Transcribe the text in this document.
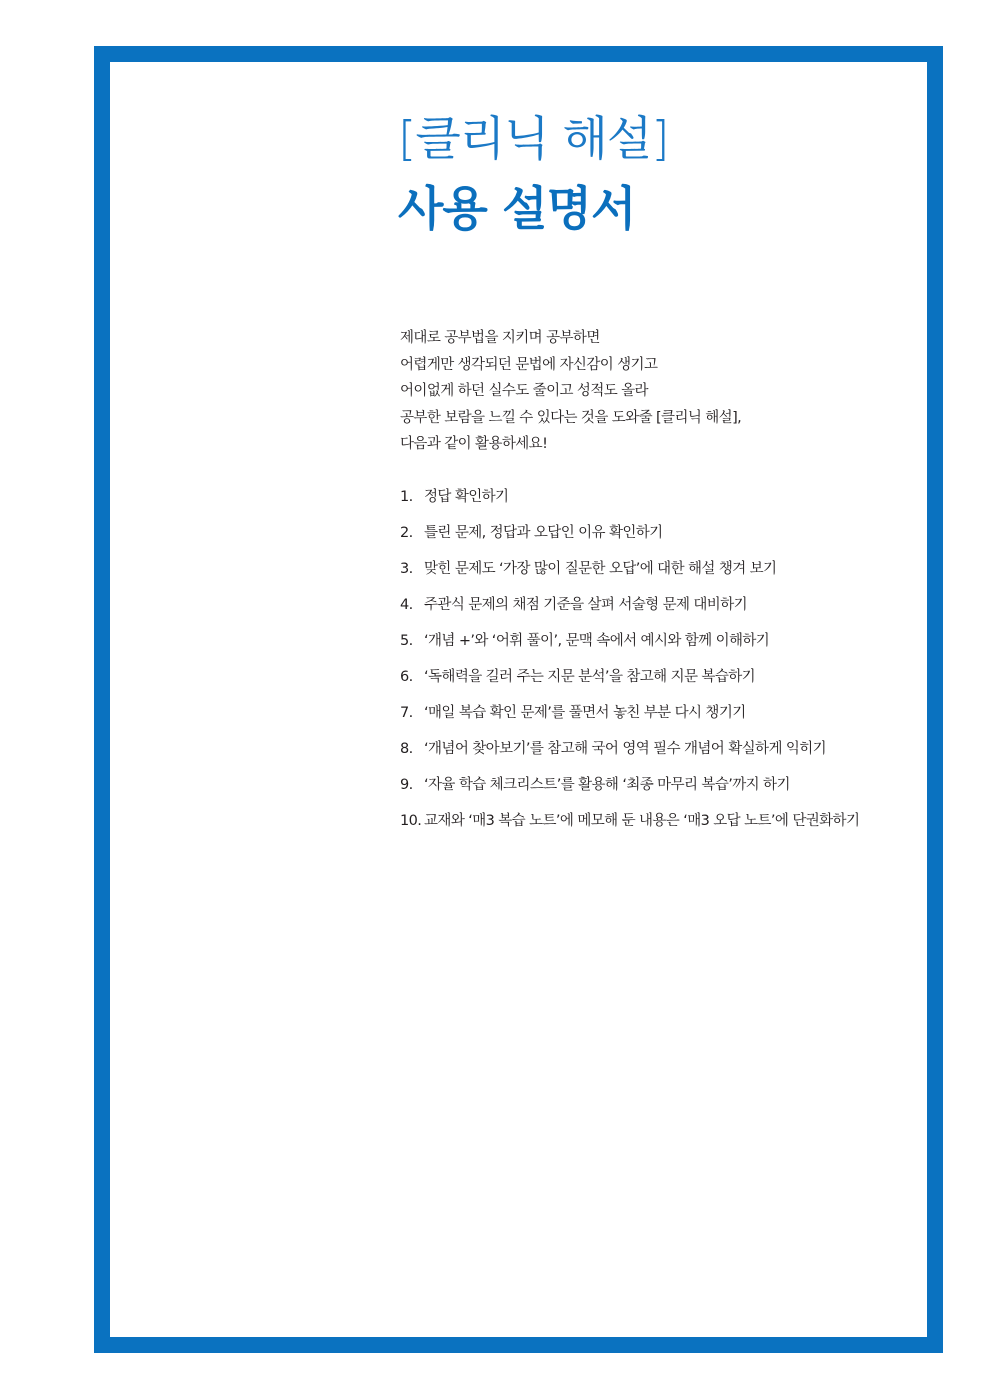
[클리닉 해설]
사용 설명서
제대로 공부법을 지키며 공부하면
어렵게만 생각되던 문법에 자신감이 생기고
어이없게 하던 실수도 줄이고 성적도 올라
공부한 보람을 느낄 수 있다는 것을 도와줄 [클리닉 해설],
다음과 같이 활용하세요!
1. 정답 확인하기
2. 틀린 문제, 정답과 오답인 이유 확인하기
3. 맞힌 문제도 ‘가장 많이 질문한 오답’에 대한 해설 챙겨 보기
4. 주관식 문제의 채점 기준을 살펴 서술형 문제 대비하기
5. ‘개념 +’와 ‘어휘 풀이’, 문맥 속에서 예시와 함께 이해하기
6. ‘독해력을 길러 주는 지문 분석’을 참고해 지문 복습하기
7. ‘매일 복습 확인 문제’를 풀면서 놓친 부분 다시 챙기기
8. ‘개념어 찾아보기’를 참고해 국어 영역 필수 개념어 확실하게 익히기
9. ‘자율 학습 체크리스트’를 활용해 ‘최종 마무리 복습’까지 하기
10. 교재와 ‘매3 복습 노트’에 메모해 둔 내용은 ‘매3 오답 노트’에 단권화하기
